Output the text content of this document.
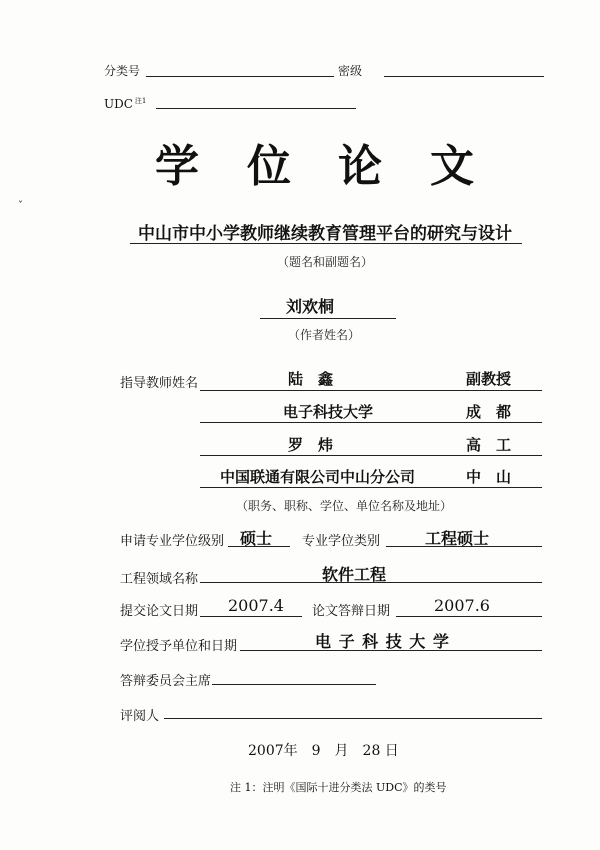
分类号	密级
UDC $^{注1}$
学 位 论 文
ˇ
中山市中小学教师继续教育管理平台的研究与设计
（题名和副题名）
刘欢桐
（作者姓名）
指导教师姓名	陆　鑫	副教授
电子科技大学	成　都
罗　炜	高　工
中国联通有限公司中山分公司	中　山
（职务、职称、学位、单位名称及地址）
申请专业学位级别 硕士 专业学位类别	工程硕士
工程领域名称	软件工程
提交论文日期 2007.4 论文答辩日期	2007.6
学位授予单位和日期	电 子 科 技 大 学
答辩委员会主席
评阅人
2007年　9　月　28 日
注 1：注明《国际十进分类法 UDC》的类号
